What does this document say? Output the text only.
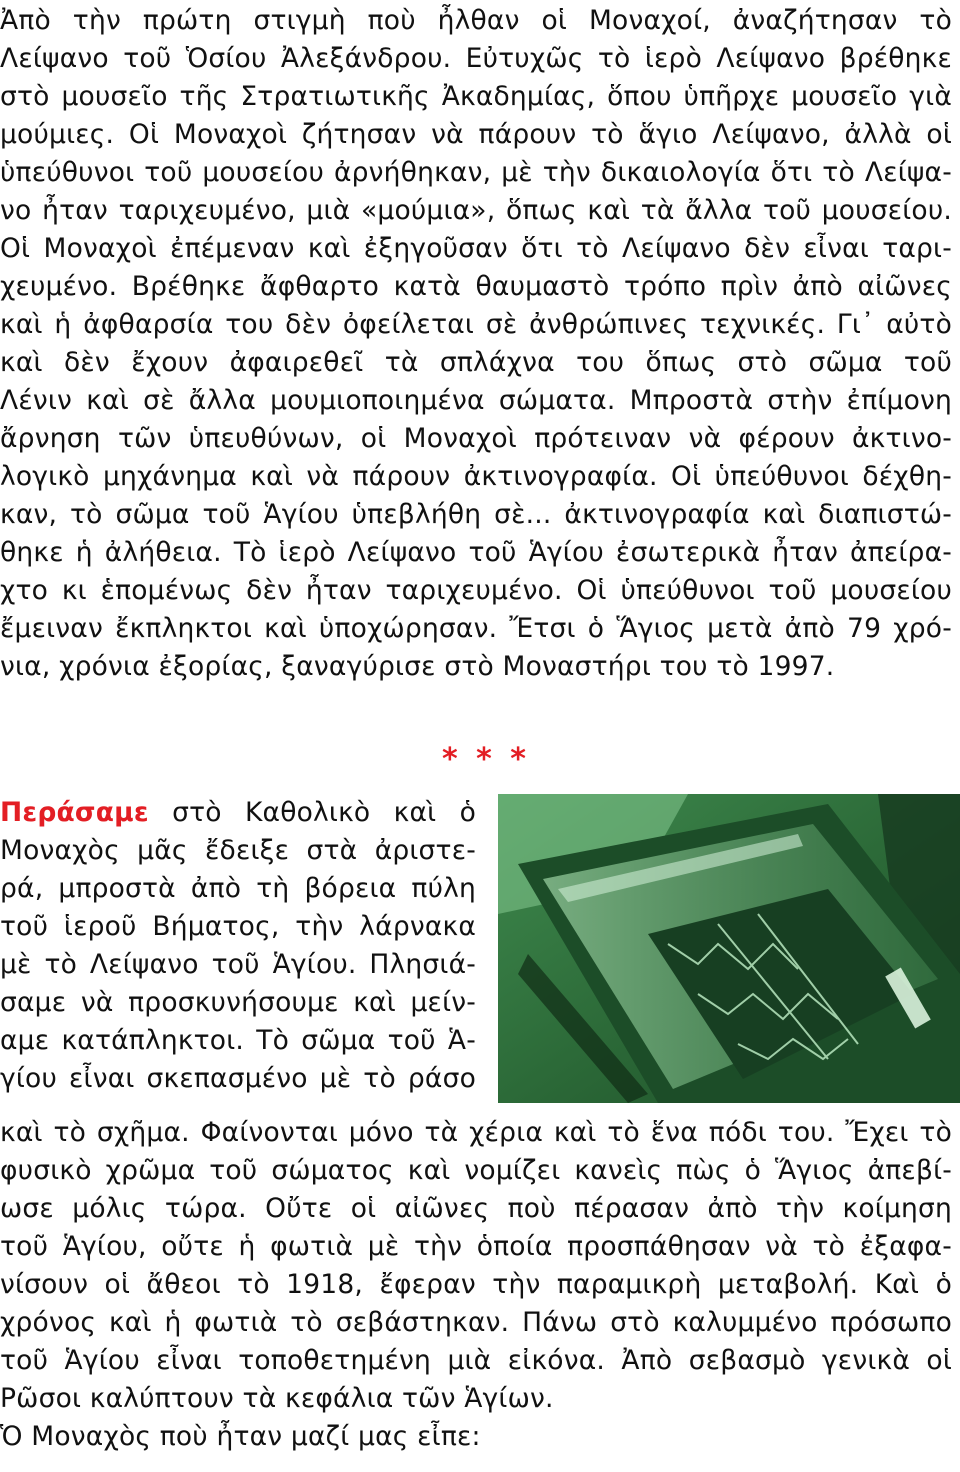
Ἀπὸ τὴν πρώτη στιγμὴ ποὺ ἦλθαν οἱ Μοναχοί, ἀναζήτησαν τὸ
Λείψανο τοῦ Ὁσίου Ἀλεξάνδρου. Εὐτυχῶς τὸ ἱερὸ Λείψανο βρέθηκε
στὸ μουσεῖο τῆς Στρατιωτικῆς Ἀκαδημίας, ὅπου ὑπῆρχε μουσεῖο γιὰ
μούμιες. Οἱ Μοναχοὶ ζήτησαν νὰ πάρουν τὸ ἅγιο Λείψανο, ἀλλὰ οἱ
ὑπεύθυνοι τοῦ μουσείου ἀρνήθηκαν, μὲ τὴν δικαιολογία ὅτι τὸ Λείψα-
νο ἦταν ταριχευμένο, μιὰ «μούμια», ὅπως καὶ τὰ ἄλλα τοῦ μουσείου.
Οἱ Μοναχοὶ ἐπέμεναν καὶ ἐξηγοῦσαν ὅτι τὸ Λείψανο δὲν εἶναι ταρι-
χευμένο. Βρέθηκε ἄφθαρτο κατὰ θαυμαστὸ τρόπο πρὶν ἀπὸ αἰῶνες
καὶ ἡ ἀφθαρσία του δὲν ὀφείλεται σὲ ἀνθρώπινες τεχνικές. Γι᾽ αὐτὸ
καὶ δὲν ἔχουν ἀφαιρεθεῖ τὰ σπλάχνα του ὅπως στὸ σῶμα τοῦ
Λένιν καὶ σὲ ἄλλα μουμιοποιημένα σώματα. Μπροστὰ στὴν ἐπίμονη
ἄρνηση τῶν ὑπευθύνων, οἱ Μοναχοὶ πρότειναν νὰ φέρουν ἀκτινο-
λογικὸ μηχάνημα καὶ νὰ πάρουν ἀκτινογραφία. Οἱ ὑπεύθυνοι δέχθη-
καν, τὸ σῶμα τοῦ Ἁγίου ὑπεβλήθη σὲ... ἀκτινογραφία καὶ διαπιστώ-
θηκε ἡ ἀλήθεια. Τὸ ἱερὸ Λείψανο τοῦ Ἁγίου ἐσωτερικὰ ἦταν ἀπείρα-
χτο κι ἑπομένως δὲν ἦταν ταριχευμένο. Οἱ ὑπεύθυνοι τοῦ μουσείου
ἔμειναν ἔκπληκτοι καὶ ὑποχώρησαν. Ἔτσι ὁ Ἅγιος μετὰ ἀπὸ 79 χρό-
νια, χρόνια ἐξορίας, ξαναγύρισε στὸ Μοναστήρι του τὸ 1997.
* * *
Περάσαμε στὸ Καθολικὸ καὶ ὁ
Μοναχὸς μᾶς ἔδειξε στὰ ἀριστε-
ρά, μπροστὰ ἀπὸ τὴ βόρεια πύλη
τοῦ ἱεροῦ Βήματος, τὴν λάρνακα
μὲ τὸ Λείψανο τοῦ Ἁγίου. Πλησιά-
σαμε νὰ προσκυνήσουμε καὶ μείν-
αμε κατάπληκτοι. Τὸ σῶμα τοῦ Ἁ-
γίου εἶναι σκεπασμένο μὲ τὸ ράσο
καὶ τὸ σχῆμα. Φαίνονται μόνο τὰ χέρια καὶ τὸ ἕνα πόδι του. Ἔχει τὸ
φυσικὸ χρῶμα τοῦ σώματος καὶ νομίζει κανεὶς πὼς ὁ Ἅγιος ἀπεβί-
ωσε μόλις τώρα. Οὔτε οἱ αἰῶνες ποὺ πέρασαν ἀπὸ τὴν κοίμηση
τοῦ Ἁγίου, οὔτε ἡ φωτιὰ μὲ τὴν ὁποία προσπάθησαν νὰ τὸ ἐξαφα-
νίσουν οἱ ἄθεοι τὸ 1918, ἔφεραν τὴν παραμικρὴ μεταβολή. Καὶ ὁ
χρόνος καὶ ἡ φωτιὰ τὸ σεβάστηκαν. Πάνω στὸ καλυμμένο πρόσωπο
τοῦ Ἁγίου εἶναι τοποθετημένη μιὰ εἰκόνα. Ἀπὸ σεβασμὸ γενικὰ οἱ
Ρῶσοι καλύπτουν τὰ κεφάλια τῶν Ἁγίων.
Ὁ Μοναχὸς ποὺ ἦταν μαζί μας εἶπε:
